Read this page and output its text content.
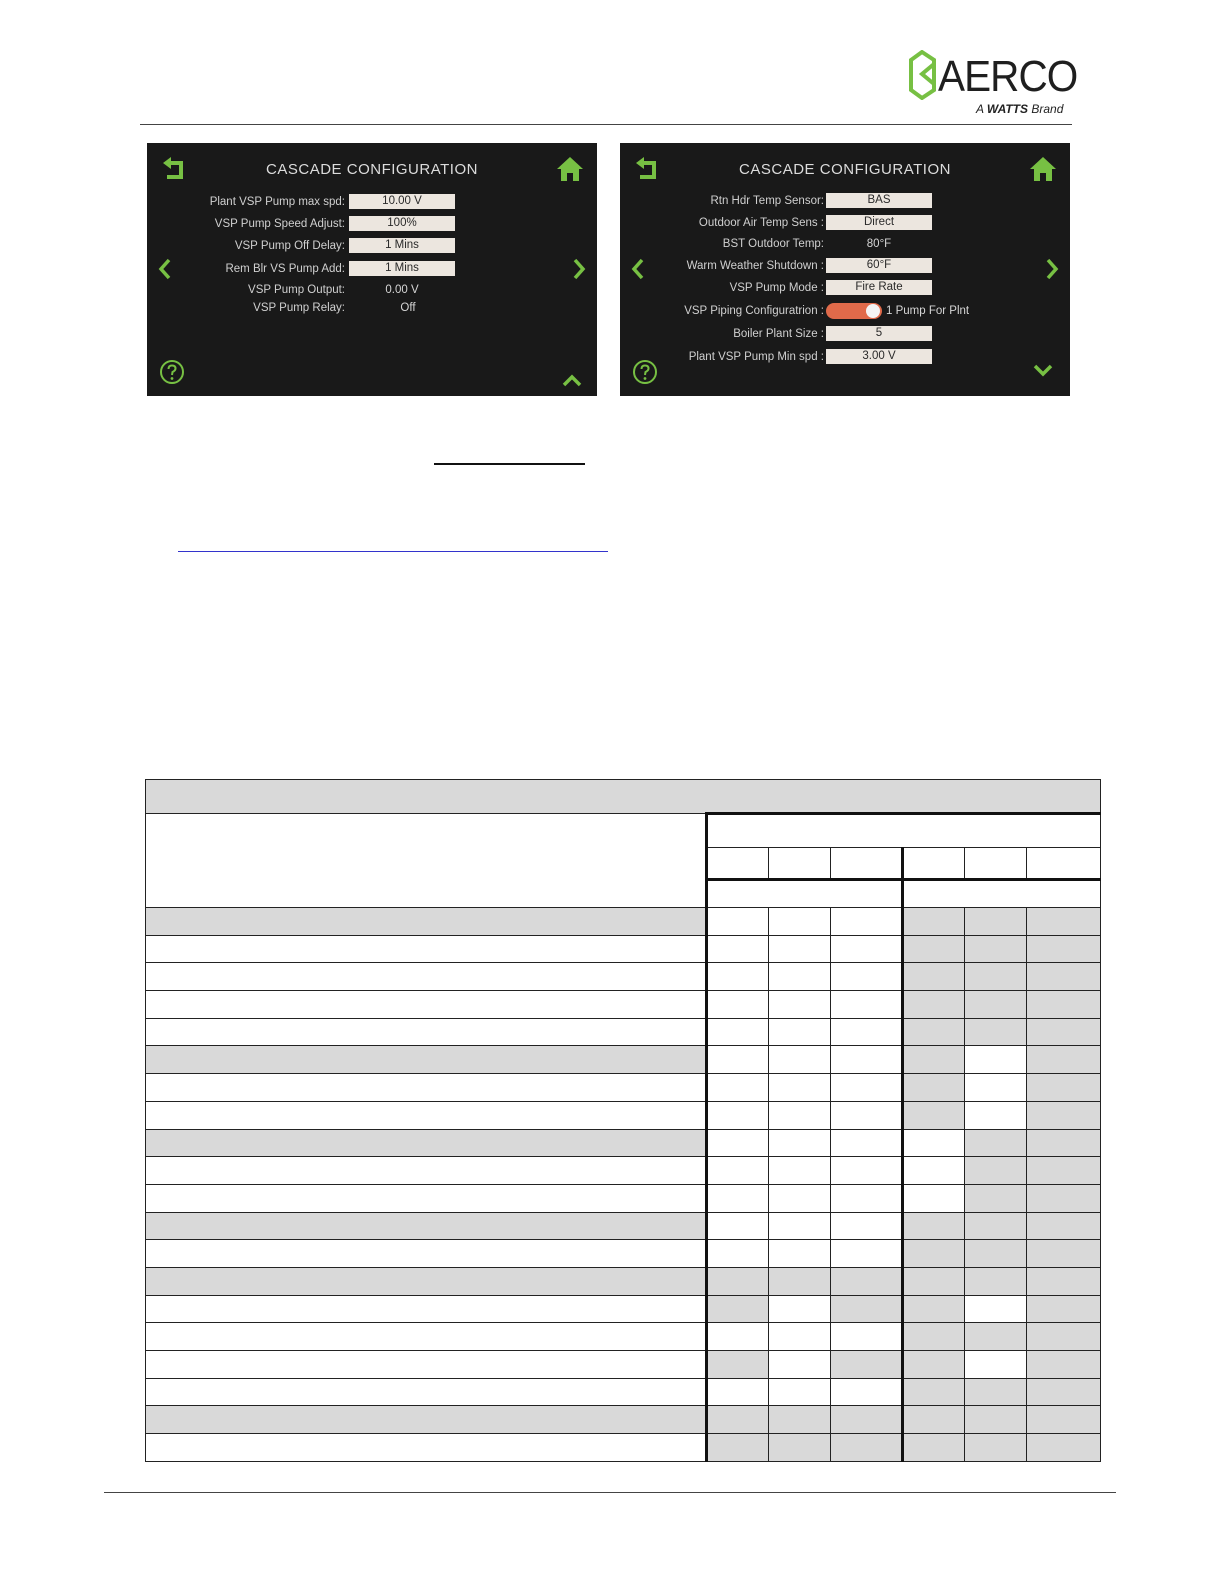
AERCO
A WATTS Brand
CASCADE CONFIGURATION
Plant VSP Pump max spd:	10.00 V
VSP Pump Speed Adjust:	100%
VSP Pump Off Delay:	1 Mins
Rem Blr VS Pump Add:	1 Mins
VSP Pump Output:	0.00 V
VSP Pump Relay:	Off
CASCADE CONFIGURATION
Rtn Hdr Temp Sensor:	BAS
Outdoor Air Temp Sens :	Direct
BST Outdoor Temp:	80°F
Warm Weather Shutdown :	60°F
VSP Pump Mode :	Fire Rate
VSP Piping Configuratrion :	1 Pump For Plnt
Boiler Plant Size :	5
Plant VSP Pump Min spd :	3.00 V
